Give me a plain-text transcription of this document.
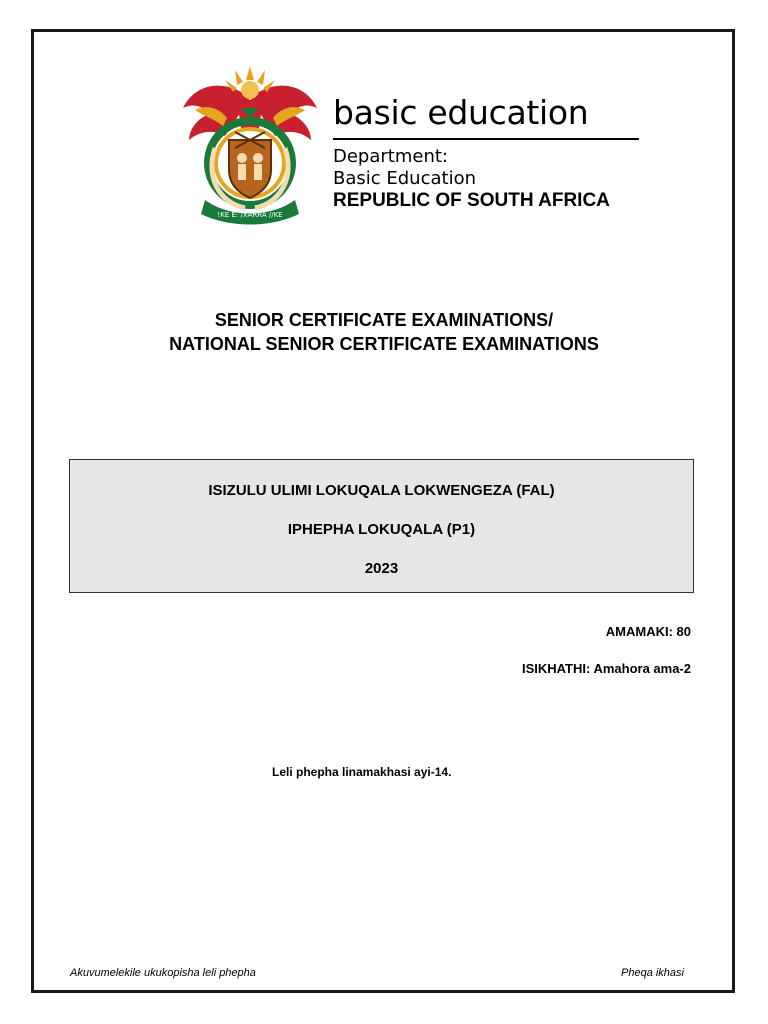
!KE E: /XARRA //KE
basic education
Department:
Basic Education
REPUBLIC OF SOUTH AFRICA
SENIOR CERTIFICATE EXAMINATIONS/
NATIONAL SENIOR CERTIFICATE EXAMINATIONS
ISIZULU ULIMI LOKUQALA LOKWENGEZA (FAL)
IPHEPHA LOKUQALA (P1)
2023
AMAMAKI: 80
ISIKHATHI: Amahora ama-2
Leli phepha linamakhasi ayi-14.
Akuvumelekile ukukopisha leli phepha	Pheqa ikhasi
